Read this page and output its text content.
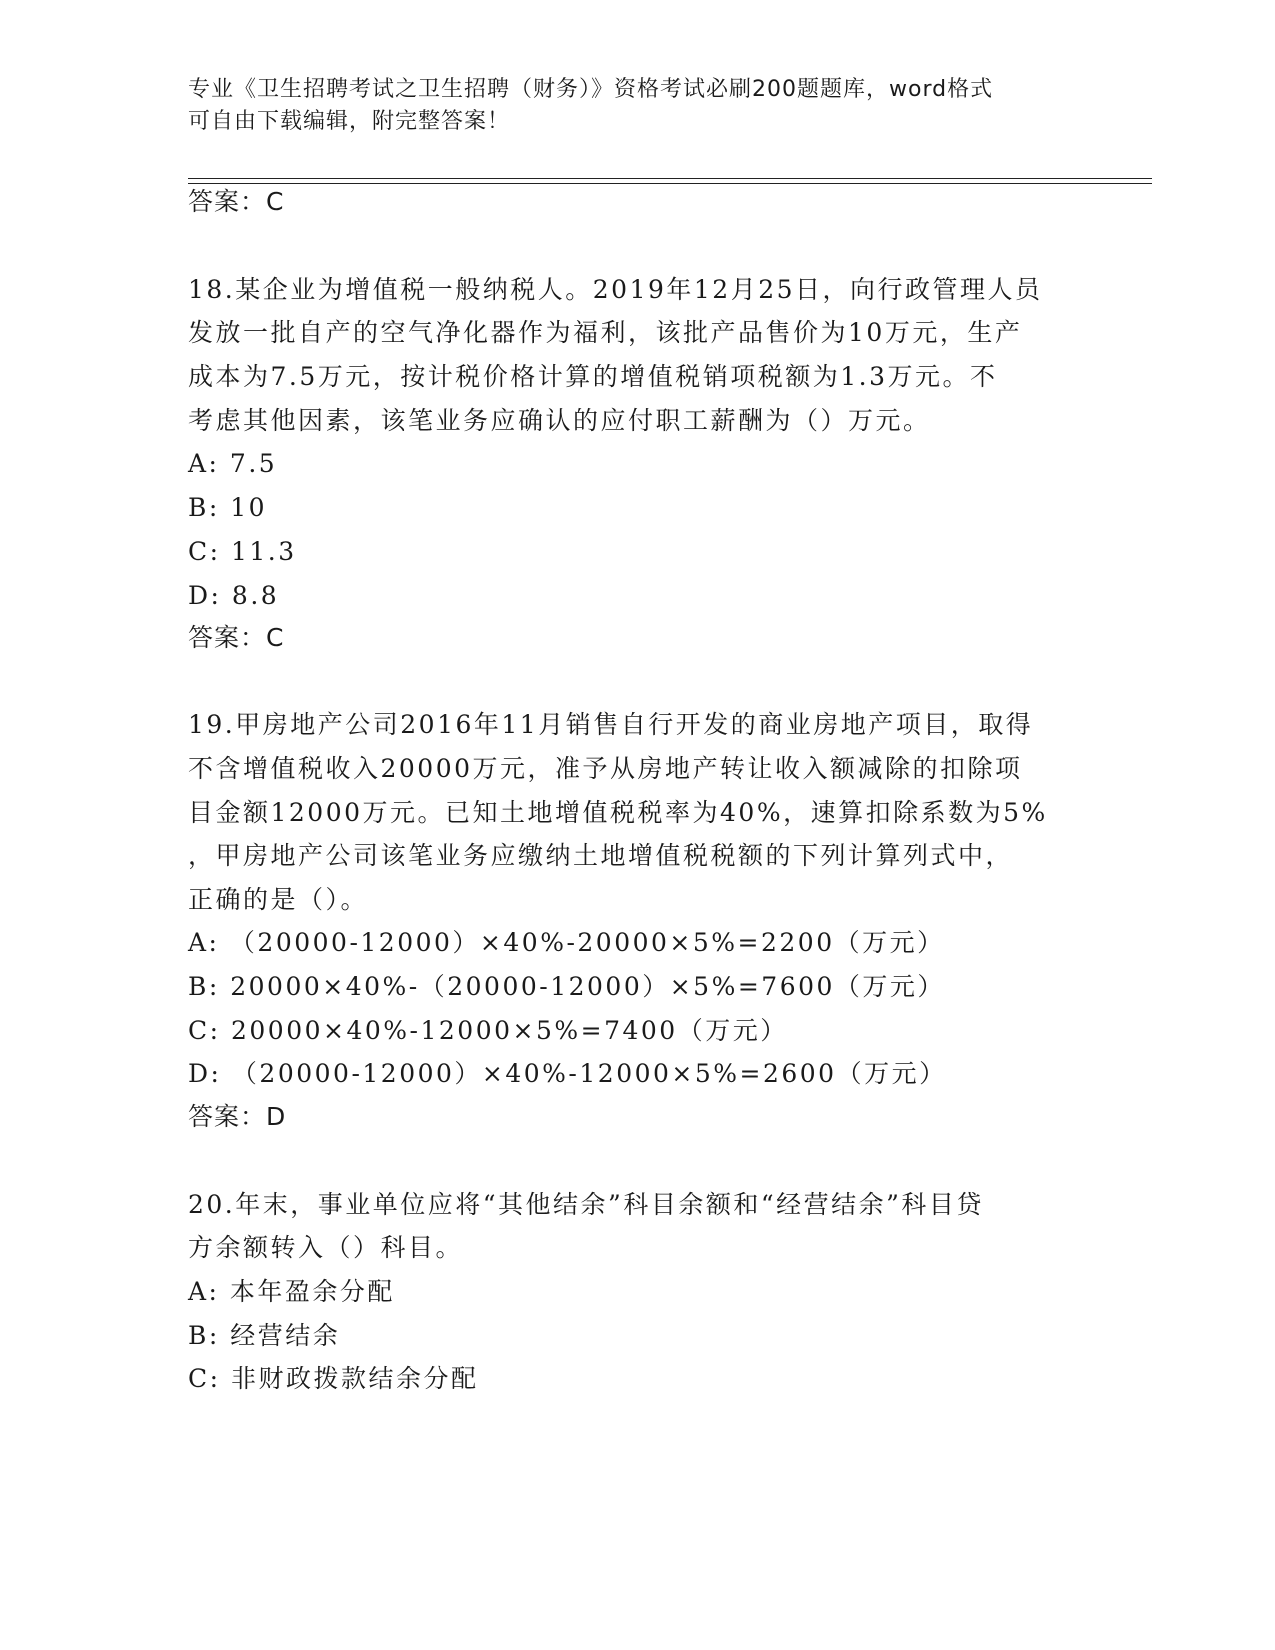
专业《卫生招聘考试之卫生招聘（财务）》资格考试必刷200题题库，word格式
可自由下载编辑，附完整答案！
答案：C
18.某企业为增值税一般纳税人。2019年12月25日，向行政管理人员
发放一批自产的空气净化器作为福利，该批产品售价为10万元，生产
成本为7.5万元，按计税价格计算的增值税销项税额为1.3万元。不
考虑其他因素，该笔业务应确认的应付职工薪酬为（）万元。
A: 7.5
B: 10
C: 11.3
D: 8.8
答案：C
19.甲房地产公司2016年11月销售自行开发的商业房地产项目，取得
不含增值税收入20000万元，准予从房地产转让收入额减除的扣除项
目金额12000万元。已知土地增值税税率为40%，速算扣除系数为5%
，甲房地产公司该笔业务应缴纳土地增值税税额的下列计算列式中，
正确的是（）。
A: （20000-12000）×40%-20000×5%=2200（万元）
B: 20000×40%-（20000-12000）×5%=7600（万元）
C: 20000×40%-12000×5%=7400（万元）
D: （20000-12000）×40%-12000×5%=2600（万元）
答案：D
20.年末，事业单位应将“其他结余”科目余额和“经营结余”科目贷
方余额转入（）科目。
A: 本年盈余分配
B: 经营结余
C: 非财政拨款结余分配
